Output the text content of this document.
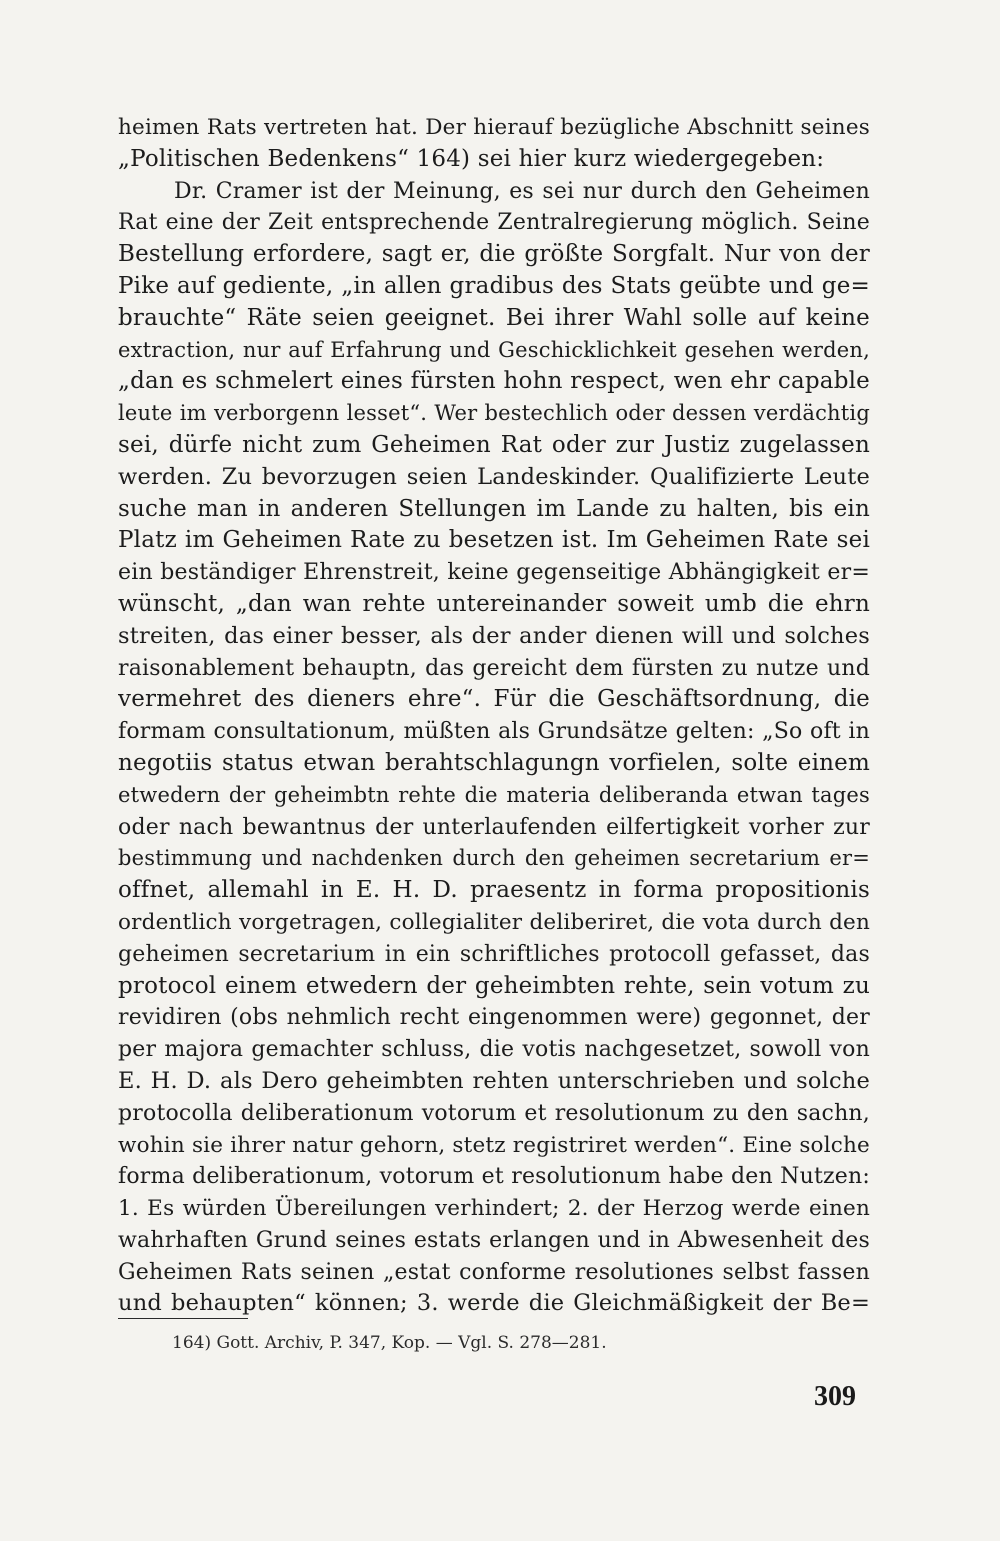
heimen Rats vertreten hat. Der hierauf bezügliche Abschnitt seines
„Politischen Bedenkens“ 164) sei hier kurz wiedergegeben:
Dr. Cramer ist der Meinung, es sei nur durch den Geheimen
Rat eine der Zeit entsprechende Zentralregierung möglich. Seine
Bestellung erfordere, sagt er, die größte Sorgfalt. Nur von der
Pike auf gediente, „in allen gradibus des Stats geübte und ge=
brauchte“ Räte seien geeignet. Bei ihrer Wahl solle auf keine
extraction, nur auf Erfahrung und Geschicklichkeit gesehen werden,
„dan es schmelert eines fürsten hohn respect, wen ehr capable
leute im verborgenn lesset“. Wer bestechlich oder dessen verdächtig
sei, dürfe nicht zum Geheimen Rat oder zur Justiz zugelassen
werden. Zu bevorzugen seien Landeskinder. Qualifizierte Leute
suche man in anderen Stellungen im Lande zu halten, bis ein
Platz im Geheimen Rate zu besetzen ist. Im Geheimen Rate sei
ein beständiger Ehrenstreit, keine gegenseitige Abhängigkeit er=
wünscht, „dan wan rehte untereinander soweit umb die ehrn
streiten, das einer besser, als der ander dienen will und solches
raisonablement behauptn, das gereicht dem fürsten zu nutze und
vermehret des dieners ehre“. Für die Geschäftsordnung, die
formam consultationum, müßten als Grundsätze gelten: „So oft in
negotiis status etwan berahtschlagungn vorfielen, solte einem
etwedern der geheimbtn rehte die materia deliberanda etwan tages
oder nach bewantnus der unterlaufenden eilfertigkeit vorher zur
bestimmung und nachdenken durch den geheimen secretarium er=
offnet, allemahl in E. H. D. praesentz in forma propositionis
ordentlich vorgetragen, collegialiter deliberiret, die vota durch den
geheimen secretarium in ein schriftliches protocoll gefasset, das
protocol einem etwedern der geheimbten rehte, sein votum zu
revidiren (obs nehmlich recht eingenommen were) gegonnet, der
per majora gemachter schluss, die votis nachgesetzet, sowoll von
E. H. D. als Dero geheimbten rehten unterschrieben und solche
protocolla deliberationum votorum et resolutionum zu den sachn,
wohin sie ihrer natur gehorn, stetz registriret werden“. Eine solche
forma deliberationum, votorum et resolutionum habe den Nutzen:
1. Es würden Übereilungen verhindert; 2. der Herzog werde einen
wahrhaften Grund seines estats erlangen und in Abwesenheit des
Geheimen Rats seinen „estat conforme resolutiones selbst fassen
und behaupten“ können; 3. werde die Gleichmäßigkeit der Be=
164) Gott. Archiv, P. 347, Kop. — Vgl. S. 278—281.
309
